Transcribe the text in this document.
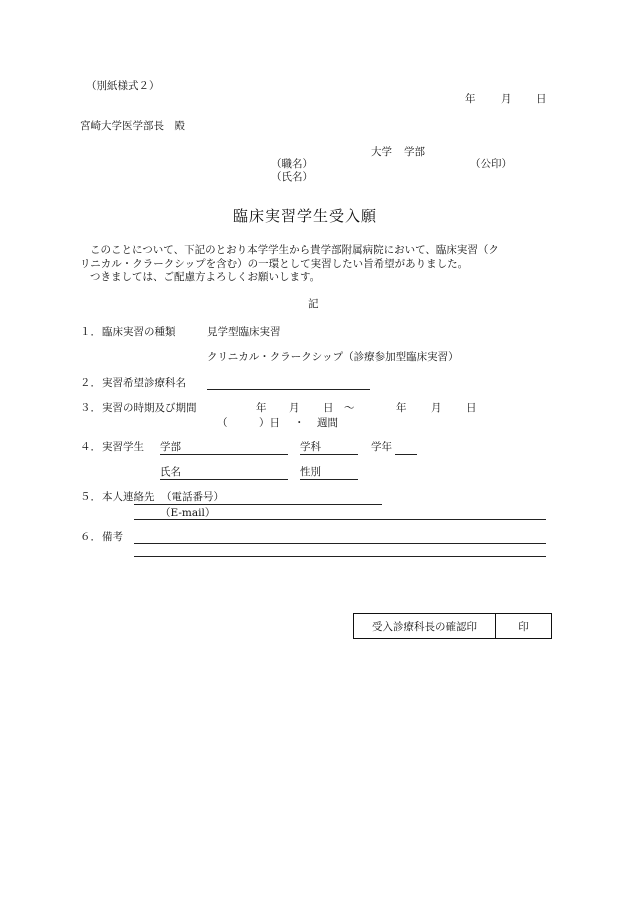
（別紙様式２）
年 月 日
宮崎大学医学部長　殿
大学 学部
（職名）	（公印）
（氏名）
臨床実習学生受入願
このことについて、下記のとおり本学学生から貴学部附属病院において、臨床実習（ク
リニカル・クラークシップを含む）の一環として実習したい旨希望がありました。
つきましては、ご配慮方よろしくお願いします。
記
１． 臨床実習の種類	見学型臨床実習
クリニカル・クラークシップ（診療参加型臨床実習）
２． 実習希望診療科名
３． 実習の時期及び期間	年 月 日 ～	年 月 日
（	）日 ・ 週間
４． 実習学生 学部	学科	学年
氏名	性別
５． 本人連絡先 （電話番号）
（E-mail）
６． 備考
受入診療科長の確認印	印
